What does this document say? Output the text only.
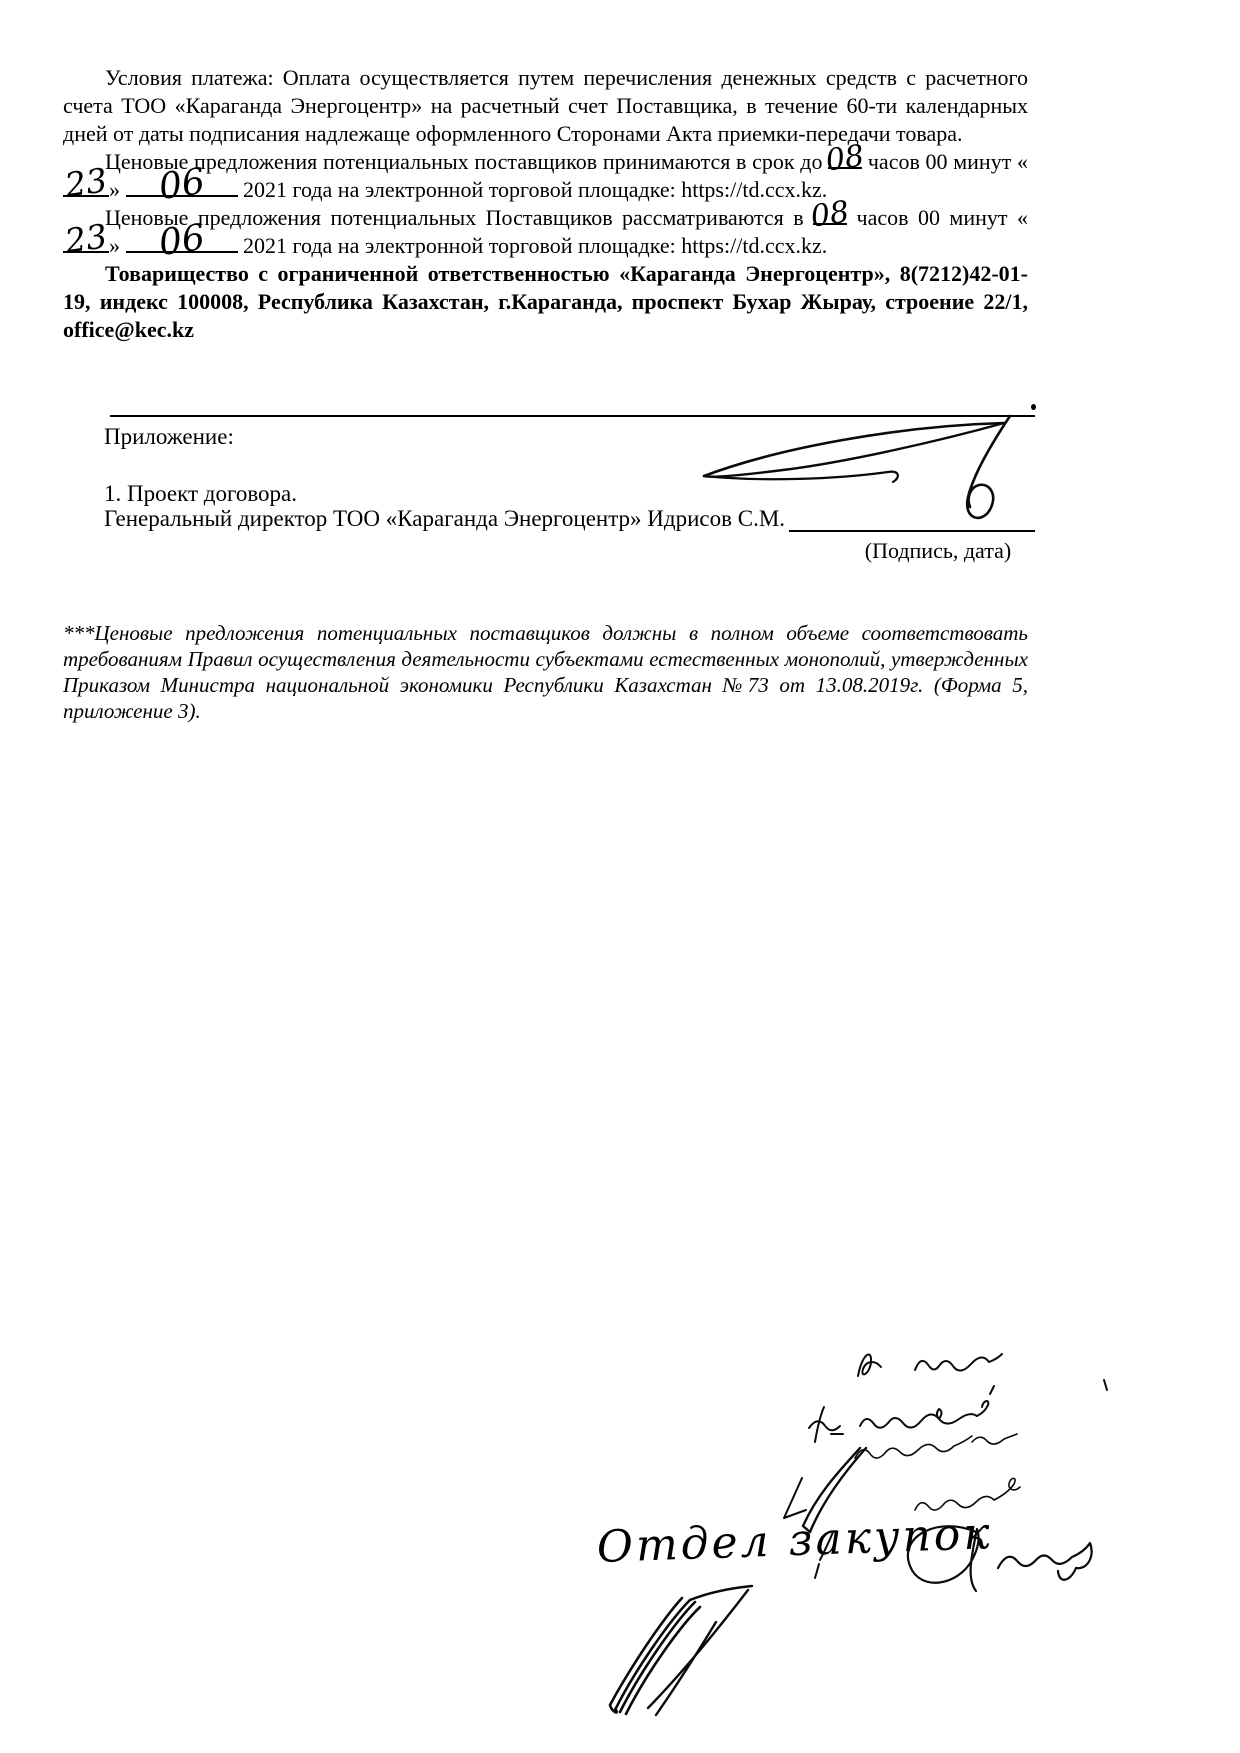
Условия платежа: Оплата осуществляется путем перечисления денежных средств с расчетного счета ТОО «Караганда Энергоцентр» на расчетный счет Поставщика, в течение 60-ти календарных дней от даты подписания надлежаще оформленного Сторонами Акта приемки-передачи товара.

Ценовые предложения потенциальных поставщиков принимаются в срок до
08
часов 00 минут «
23 » 06 2021 года на электронной торговой площадке: https://td.ccx.kz.

Ценовые предложения потенциальных Поставщиков рассматриваются в
08
часов 00 минут «
23 » 06 2021 года на электронной торговой площадке: https://td.ccx.kz.

Товарищество с ограниченной ответственностью «Караганда Энергоцентр», 8(7212)42-01-19, индекс 100008, Республика Казахстан, г.Караганда, проспект Бухар Жырау, строение 22/1, office@kec.kz

Приложение:
1. Проект договора.
Генеральный директор ТОО «Караганда Энергоцентр» Идрисов С.М.
(Подпись, дата)
***Ценовые предложения потенциальных поставщиков должны в полном объеме соответствовать требованиям Правил осуществления деятельности субъектами естественных монополий, утвержденных Приказом Министра национальной экономики Республики Казахстан №73 от 13.08.2019г. (Форма 5, приложение 3).
Отдел закупок
